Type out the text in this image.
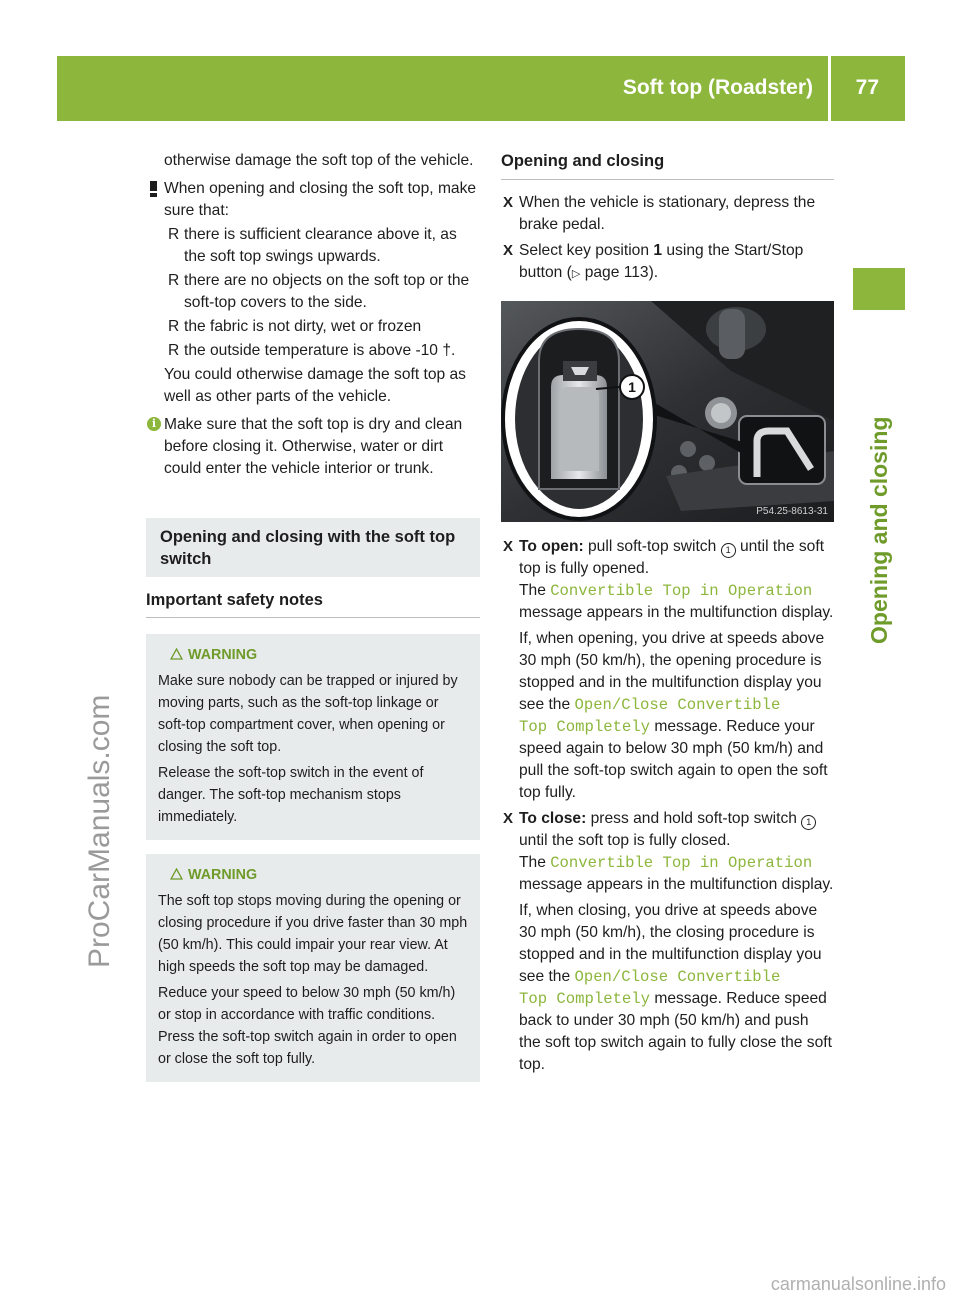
Soft top (Roadster) 77
Opening and closing
ProCarManuals.com
carmanualsonline.info

otherwise damage the soft top of the vehicle.

When opening and closing the soft top, make sure that:

R there is sufficient clearance above it, as the soft top swings upwards.
R there are no objects on the soft top or the soft-top covers to the side.
R the fabric is not dirty, wet or frozen
R the outside temperature is above -10 †.

You could otherwise damage the soft top as well as other parts of the vehicle.

i Make sure that the soft top is dry and clean before closing it. Otherwise, water or dirt could enter the vehicle interior or trunk.

Opening and closing with the soft top switch
Important safety notes
WARNING

Make sure nobody can be trapped or injured by moving parts, such as the soft-top linkage or soft-top compartment cover, when opening or closing the soft top.

Release the soft-top switch in the event of danger. The soft-top mechanism stops immediately.

WARNING

The soft top stops moving during the opening or closing procedure if you drive faster than 30 mph (50 km/h). This could impair your rear view. At high speeds the soft top may be damaged.

Reduce your speed to below 30 mph (50 km/h) or stop in accordance with traffic conditions. Press the soft-top switch again in order to open or close the soft top fully.

Opening and closing
X When the vehicle is stationary, depress the brake pedal.
X Select key position 1 using the Start/Stop button (▷ page 113).
1
P54.25-8613-31
X To open: pull soft-top switch 1 until the soft top is fully opened.
The Convertible Top in Operation
message appears in the multifunction display.
If, when opening, you drive at speeds above 30 mph (50 km/h), the opening procedure is stopped and in the multifunction display you see the Open/Close Convertible
Top Completely message. Reduce your speed again to below 30 mph (50 km/h) and pull the soft-top switch again to open the soft top fully.
X To close: press and hold soft-top switch 1 until the soft top is fully closed.
The Convertible Top in Operation
message appears in the multifunction display.
If, when closing, you drive at speeds above 30 mph (50 km/h), the closing procedure is stopped and in the multifunction display you see the Open/Close Convertible
Top Completely message. Reduce speed back to under 30 mph (50 km/h) and push the soft top switch again to fully close the soft top.
